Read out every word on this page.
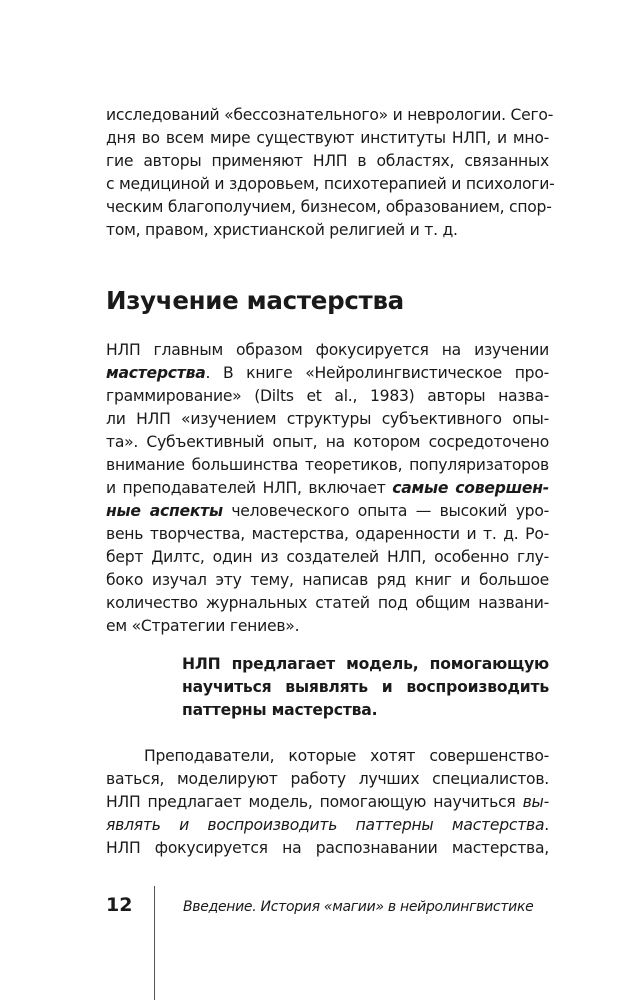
исследований «бессознательного» и неврологии. Сего-
дня во всем мире существуют институты НЛП, и мно-
гие авторы применяют НЛП в областях, связанных
с медициной и здоровьем, психотерапией и психологи-
ческим благополучием, бизнесом, образованием, спор-
том, правом, христианской религией и т. д.

Изучение мастерства

НЛП главным образом фокусируется на изучении
мастерства. В книге «Нейролингвистическое про-
граммирование» (Dilts et al., 1983) авторы назва-
ли НЛП «изучением структуры субъективного опы-
та». Субъективный опыт, на котором сосредоточено
внимание большинства теоретиков, популяризаторов
и преподавателей НЛП, включает самые совершен-
ные аспекты человеческого опыта — высокий уро-
вень творчества, мастерства, одаренности и т. д. Ро-
берт Дилтс, один из создателей НЛП, особенно глу-
боко изучал эту тему, написав ряд книг и большое
количество журнальных статей под общим названи-
ем «Стратегии гениев».

НЛП предлагает модель, помогающую
научиться выявлять и воспроизводить
паттерны мастерства.

Преподаватели, которые хотят совершенство-
ваться, моделируют работу лучших специалистов.
НЛП предлагает модель, помогающую научиться вы-
являть и воспроизводить паттерны мастерства.
НЛП фокусируется на распознавании мастерства,

12	Введение. История «магии» в нейролингвистике
